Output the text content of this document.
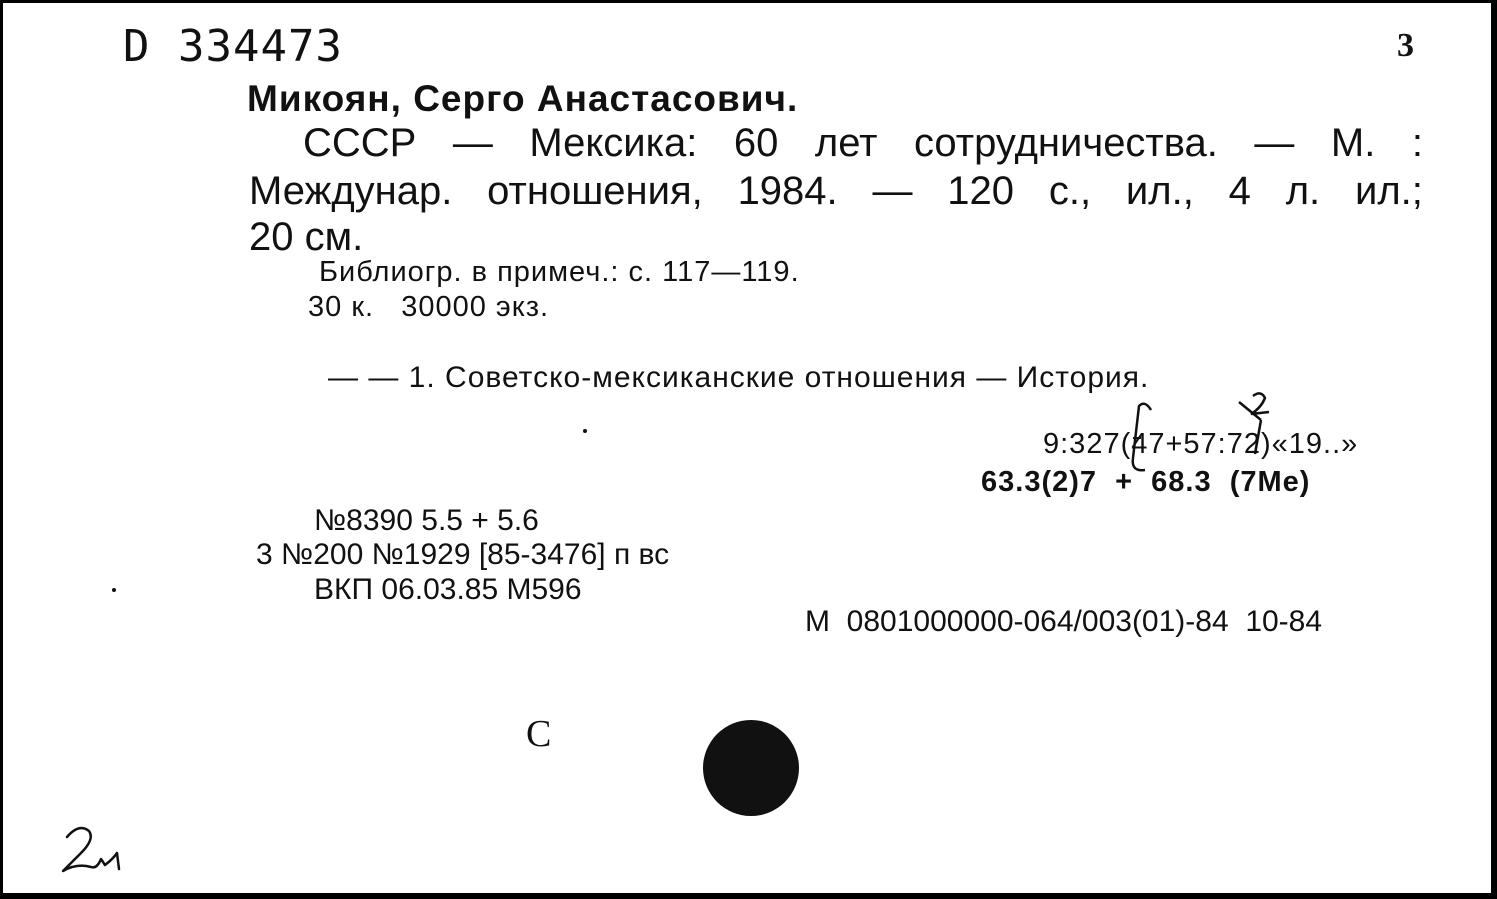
D 334473	3
Микоян, Серго Анастасович.
СССР — Мексика: 60 лет сотрудничества. — М. :
Междунар. отношения, 1984. — 120 с., ил., 4 л. ил.;
20 см.
Библиогр. в примеч.: с. 117—119.
30 к.   30000 экз.
— — 1. Советско-мексиканские отношения — История.
9:327(47+57:72)«19..»
63.3(2)7  +  68.3  (7Ме)
№8390 5.5 + 5.6
3 №200 №1929 [85-3476] п вс
ВКП 06.03.85 М596
М  0801000000-064/003(01)-84  10-84
С
